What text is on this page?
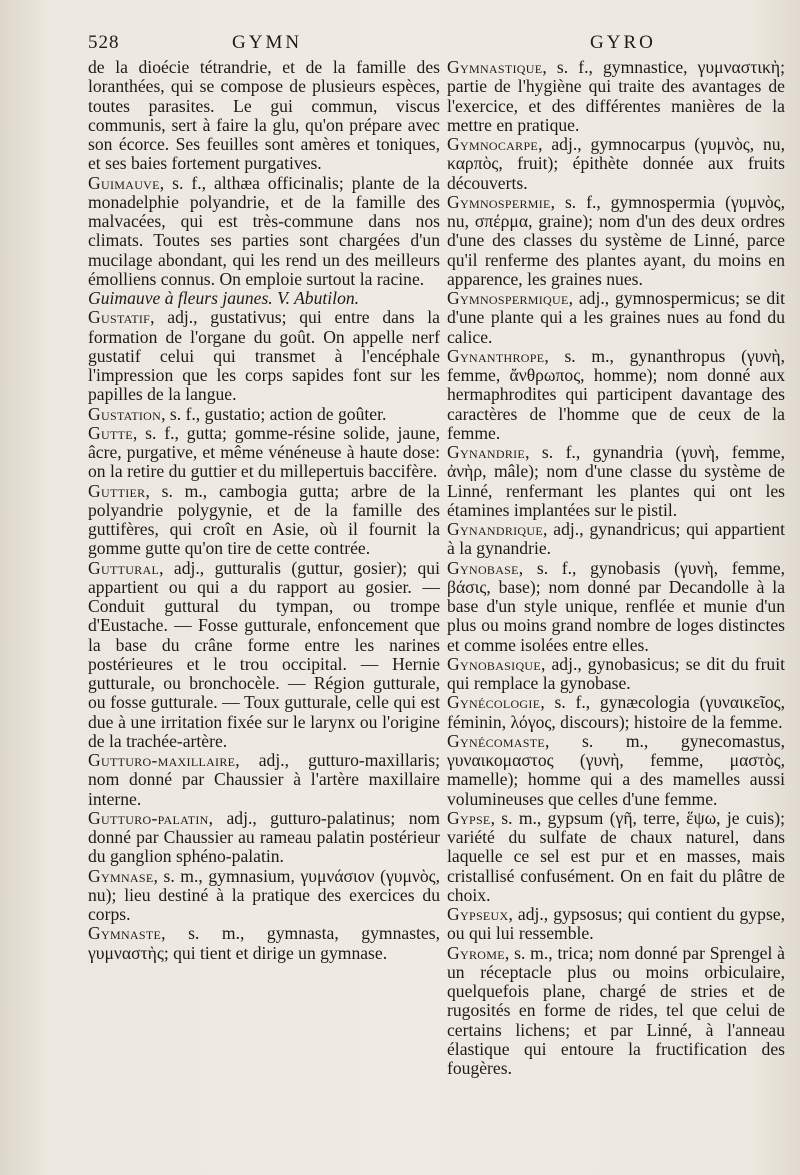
528	GYMN	GYRO

de la dioécie tétrandrie, et de la famille des loranthées, qui se compose de plusieurs espèces, toutes parasites. Le gui commun, viscus communis, sert à faire la glu, qu'on prépare avec son écorce. Ses feuilles sont amères et toniques, et ses baies fortement purgatives.

Guimauve, s. f., althæa officinalis; plante de la monadelphie polyandrie, et de la famille des malvacées, qui est très-commune dans nos climats. Toutes ses parties sont chargées d'un mucilage abondant, qui les rend un des meilleurs émolliens connus. On emploie surtout la racine.

Guimauve à fleurs jaunes. V. Abutilon.

Gustatif, adj., gustativus; qui entre dans la formation de l'organe du goût. On appelle nerf gustatif celui qui transmet à l'encéphale l'impression que les corps sapides font sur les papilles de la langue.

Gustation, s. f., gustatio; action de goûter.

Gutte, s. f., gutta; gomme-résine solide, jaune, âcre, purgative, et même vénéneuse à haute dose: on la retire du guttier et du millepertuis baccifère.

Guttier, s. m., cambogia gutta; arbre de la polyandrie polygynie, et de la famille des guttifères, qui croît en Asie, où il fournit la gomme gutte qu'on tire de cette contrée.

Guttural, adj., gutturalis (guttur, gosier); qui appartient ou qui a du rapport au gosier. — Conduit guttural du tympan, ou trompe d'Eustache. — Fosse gutturale, enfoncement que la base du crâne forme entre les narines postérieures et le trou occipital. — Hernie gutturale, ou bronchocèle. — Région gutturale, ou fosse gutturale. — Toux gutturale, celle qui est due à une irritation fixée sur le larynx ou l'origine de la trachée-artère.

Gutturo-maxillaire, adj., gutturo-maxillaris; nom donné par Chaussier à l'artère maxillaire interne.

Gutturo-palatin, adj., gutturo-palatinus; nom donné par Chaussier au rameau palatin postérieur du ganglion sphéno-palatin.

Gymnase, s. m., gymnasium, γυμνάσιον (γυμνὸς, nu); lieu destiné à la pratique des exercices du corps.

Gymnaste, s. m., gymnasta, gymnastes, γυμναστὴς; qui tient et dirige un gymnase.

Gymnastique, s. f., gymnastice, γυμναστικὴ; partie de l'hygiène qui traite des avantages de l'exercice, et des différentes manières de la mettre en pratique.

Gymnocarpe, adj., gymnocarpus (γυμνὸς, nu, καρπὸς, fruit); épithète donnée aux fruits découverts.

Gymnospermie, s. f., gymnospermia (γυμνὸς, nu, σπέρμα, graine); nom d'un des deux ordres d'une des classes du système de Linné, parce qu'il renferme des plantes ayant, du moins en apparence, les graines nues.

Gymnospermique, adj., gymnospermicus; se dit d'une plante qui a les graines nues au fond du calice.

Gynanthrope, s. m., gynanthropus (γυνὴ, femme, ἄνθρωπος, homme); nom donné aux hermaphrodites qui participent davantage des caractères de l'homme que de ceux de la femme.

Gynandrie, s. f., gynandria (γυνὴ, femme, ἀνὴρ, mâle); nom d'une classe du système de Linné, renfermant les plantes qui ont les étamines implantées sur le pistil.

Gynandrique, adj., gynandricus; qui appartient à la gynandrie.

Gynobase, s. f., gynobasis (γυνὴ, femme, βάσις, base); nom donné par Decandolle à la base d'un style unique, renflée et munie d'un plus ou moins grand nombre de loges distinctes et comme isolées entre elles.

Gynobasique, adj., gynobasicus; se dit du fruit qui remplace la gynobase.

Gynécologie, s. f., gynæcologia (γυναικεῖος, féminin, λόγος, discours); histoire de la femme.

Gynécomaste, s. m., gynecomastus, γυναικομαστος (γυνὴ, femme, μαστὸς, mamelle); homme qui a des mamelles aussi volumineuses que celles d'une femme.

Gypse, s. m., gypsum (γῆ, terre, ἕψω, je cuis); variété du sulfate de chaux naturel, dans laquelle ce sel est pur et en masses, mais cristallisé confusément. On en fait du plâtre de choix.

Gypseux, adj., gypsosus; qui contient du gypse, ou qui lui ressemble.

Gyrome, s. m., trica; nom donné par Sprengel à un réceptacle plus ou moins orbiculaire, quelquefois plane, chargé de stries et de rugosités en forme de rides, tel que celui de certains lichens; et par Linné, à l'anneau élastique qui entoure la fructification des fougères.
